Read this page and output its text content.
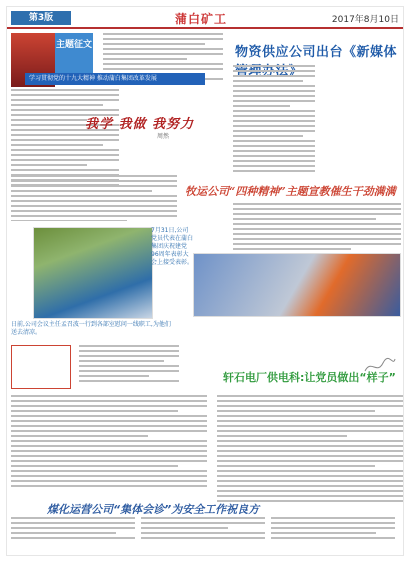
第3版	蒲白矿工	2017年8月10日
主题征文
学习贯彻党的十九大精神 推动蒲白集团改革发展
我学 我做 我努力
周然
物资供应公司出台《新媒体
牧运公司“四种精神”主题宣教催生干劲满满
7月31日,公司党员代表在蒲白集团庆祝建党96周年表彰大会上接受表彰。
日前,公司会议主任孟召波一行到各部室慰问一线职工,为他们送去清凉。
轩石电厂供电科:让党员做出“样子”
煤化运营公司“集体会诊”为安全工作祝良方
